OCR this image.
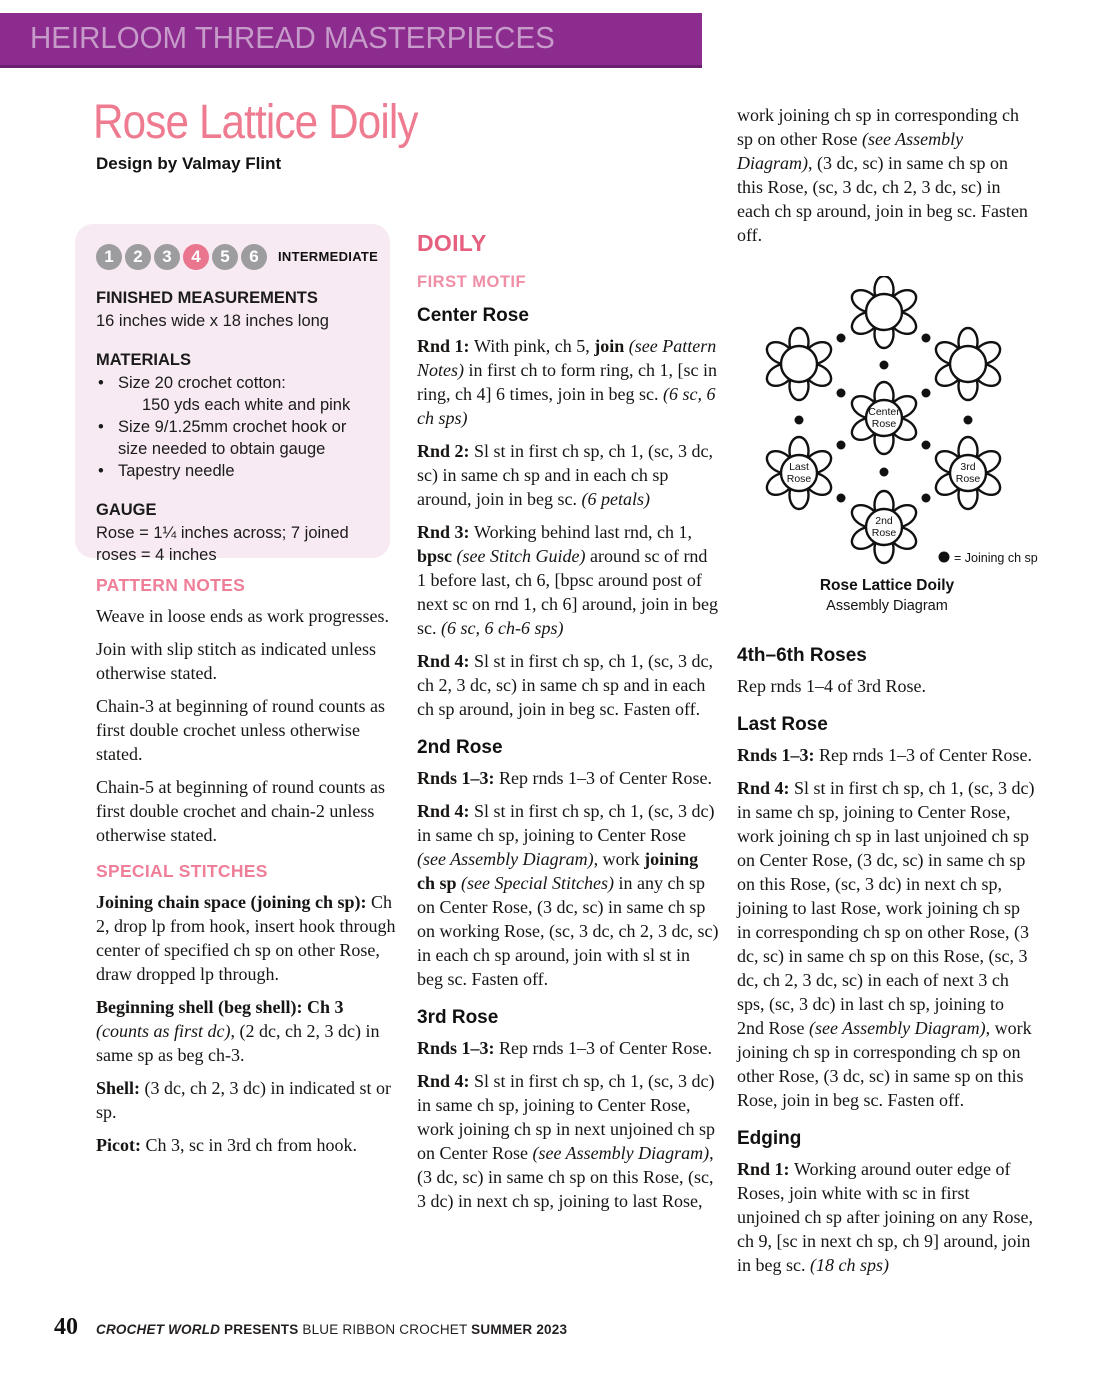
HEIRLOOM THREAD MASTERPIECES
Rose Lattice Doily
Design by Valmay Flint
1	2	3	4	5	6	INTERMEDIATE
FINISHED MEASUREMENTS
16 inches wide x 18 inches long
MATERIALS
• Size 20 crochet cotton:
150 yds each white and pink
• Size 9/1.25mm crochet hook or size needed to obtain gauge
• Tapestry needle
GAUGE
Rose = 1¼ inches across; 7 joined roses = 4 inches
PATTERN NOTES

Weave in loose ends as work progresses.

Join with slip stitch as indicated unless otherwise stated.

Chain-3 at beginning of round counts as first double crochet unless otherwise stated.

Chain-5 at beginning of round counts as first double crochet and chain-2 unless otherwise stated.

SPECIAL STITCHES

Joining chain space (joining ch sp): Ch 2, drop lp from hook, insert hook through center of specified ch sp on other Rose, draw dropped lp through.

Beginning shell (beg shell): Ch 3 (counts as first dc), (2 dc, ch 2, 3 dc) in same sp as beg ch-3.

Shell: (3 dc, ch 2, 3 dc) in indicated st or sp.

Picot: Ch 3, sc in 3rd ch from hook.

DOILY
FIRST MOTIF
Center Rose

Rnd 1: With pink, ch 5, join (see Pattern Notes) in first ch to form ring, ch 1, [sc in ring, ch 4] 6 times, join in beg sc. (6 sc, 6 ch sps)

Rnd 2: Sl st in first ch sp, ch 1, (sc, 3 dc, sc) in same ch sp and in each ch sp around, join in beg sc. (6 petals)

Rnd 3: Working behind last rnd, ch 1, bpsc (see Stitch Guide) around sc of rnd 1 before last, ch 6, [bpsc around post of next sc on rnd 1, ch 6] around, join in beg sc. (6 sc, 6 ch-6 sps)

Rnd 4: Sl st in first ch sp, ch 1, (sc, 3 dc, ch 2, 3 dc, sc) in same ch sp and in each ch sp around, join in beg sc. Fasten off.

2nd Rose

Rnds 1–3: Rep rnds 1–3 of Center Rose.

Rnd 4: Sl st in first ch sp, ch 1, (sc, 3 dc) in same ch sp, joining to Center Rose (see Assembly Diagram), work joining ch sp (see Special Stitches) in any ch sp on Center Rose, (3 dc, sc) in same ch sp on working Rose, (sc, 3 dc, ch 2, 3 dc, sc) in each ch sp around, join with sl st in beg sc. Fasten off.

3rd Rose

Rnds 1–3: Rep rnds 1–3 of Center Rose.

Rnd 4: Sl st in first ch sp, ch 1, (sc, 3 dc) in same ch sp, joining to Center Rose, work joining ch sp in next unjoined ch sp on Center Rose (see Assembly Diagram), (3 dc, sc) in same ch sp on this Rose, (sc, 3 dc) in next ch sp, joining to last Rose,

work joining ch sp in corresponding ch sp on other Rose (see Assembly Diagram), (3 dc, sc) in same ch sp on this Rose, (sc, 3 dc, ch 2, 3 dc, sc) in each ch sp around, join in beg sc. Fasten off.

Center
Rose
Last
Rose
3rd
Rose
2nd
Rose
= Joining ch sp
Rose Lattice Doily
Assembly Diagram
4th–6th Roses

Rep rnds 1–4 of 3rd Rose.

Last Rose

Rnds 1–3: Rep rnds 1–3 of Center Rose.

Rnd 4: Sl st in first ch sp, ch 1, (sc, 3 dc) in same ch sp, joining to Center Rose, work joining ch sp in last unjoined ch sp on Center Rose, (3 dc, sc) in same ch sp on this Rose, (sc, 3 dc) in next ch sp, joining to last Rose, work joining ch sp in corresponding ch sp on other Rose, (3 dc, sc) in same ch sp on this Rose, (sc, 3 dc, ch 2, 3 dc, sc) in each of next 3 ch sps, (sc, 3 dc) in last ch sp, joining to 2nd Rose (see Assembly Diagram), work joining ch sp in corresponding ch sp on other Rose, (3 dc, sc) in same sp on this Rose, join in beg sc. Fasten off.

Edging

Rnd 1: Working around outer edge of Roses, join white with sc in first unjoined ch sp after joining on any Rose, ch 9, [sc in next ch sp, ch 9] around, join in beg sc. (18 ch sps)

40 CROCHET WORLD PRESENTS BLUE RIBBON CROCHET SUMMER 2023
